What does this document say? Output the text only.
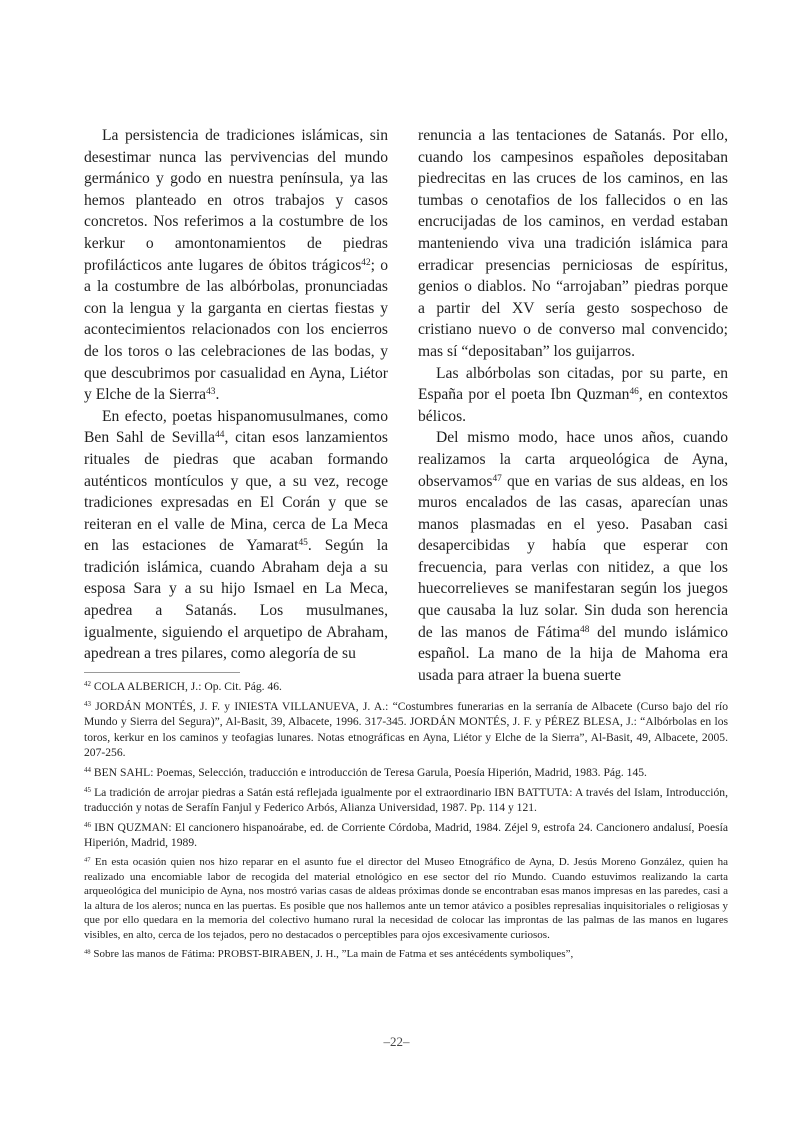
La persistencia de tradiciones islámicas, sin desestimar nunca las pervivencias del mundo germánico y godo en nuestra península, ya las hemos planteado en otros trabajos y casos concretos. Nos referimos a la costumbre de los kerkur o amontonamientos de piedras profilácticos ante lugares de óbitos trágicos$^{42}$; o a la costumbre de las albórbolas, pronunciadas con la lengua y la garganta en ciertas fiestas y acontecimientos relacionados con los encierros de los toros o las celebraciones de las bodas, y que descubrimos por casualidad en Ayna, Liétor y Elche de la Sierra$^{43}$.

En efecto, poetas hispanomusulmanes, como Ben Sahl de Sevilla$^{44}$, citan esos lanzamientos rituales de piedras que acaban formando auténticos montículos y que, a su vez, recoge tradiciones expresadas en El Corán y que se reiteran en el valle de Mina, cerca de La Meca en las estaciones de Yamarat$^{45}$. Según la tradición islámica, cuando Abraham deja a su esposa Sara y a su hijo Ismael en La Meca, apedrea a Satanás. Los musulmanes, igualmente, siguiendo el arquetipo de Abraham, apedrean a tres pilares, como alegoría de su

renuncia a las tentaciones de Satanás. Por ello, cuando los campesinos españoles depositaban piedrecitas en las cruces de los caminos, en las tumbas o cenotafios de los fallecidos o en las encrucijadas de los caminos, en verdad estaban manteniendo viva una tradición islámica para erradicar presencias perniciosas de espíritus, genios o diablos. No “arrojaban” piedras porque a partir del XV sería gesto sospechoso de cristiano nuevo o de converso mal convencido; mas sí “depositaban” los guijarros.

Las albórbolas son citadas, por su parte, en España por el poeta Ibn Quzman$^{46}$, en contextos bélicos.

Del mismo modo, hace unos años, cuando realizamos la carta arqueológica de Ayna, observamos$^{47}$ que en varias de sus aldeas, en los muros encalados de las casas, aparecían unas manos plasmadas en el yeso. Pasaban casi desapercibidas y había que esperar con frecuencia, para verlas con nitidez, a que los huecorrelieves se manifestaran según los juegos que causaba la luz solar. Sin duda son herencia de las manos de Fátima$^{48}$ del mundo islámico español. La mano de la hija de Mahoma era usada para atraer la buena suerte

$^{42}$ COLA ALBERICH, J.: Op. Cit. Pág. 46.

$^{43}$ JORDÁN MONTÉS, J. F. y INIESTA VILLANUEVA, J. A.: “Costumbres funerarias en la serranía de Albacete (Curso bajo del río Mundo y Sierra del Segura)”, Al-Basit, 39, Albacete, 1996. 317-345. JORDÁN MONTÉS, J. F. y PÉREZ BLESA, J.: “Albórbolas en los toros, kerkur en los caminos y teofagias lunares. Notas etnográficas en Ayna, Liétor y Elche de la Sierra”, Al-Basit, 49, Albacete, 2005. 207-256.

$^{44}$ BEN SAHL: Poemas, Selección, traducción e introducción de Teresa Garula, Poesía Hiperión, Madrid, 1983. Pág. 145.

$^{45}$ La tradición de arrojar piedras a Satán está reflejada igualmente por el extraordinario IBN BATTUTA: A través del Islam, Introducción, traducción y notas de Serafín Fanjul y Federico Arbós, Alianza Universidad, 1987. Pp. 114 y 121.

$^{46}$ IBN QUZMAN: El cancionero hispanoárabe, ed. de Corriente Córdoba, Madrid, 1984. Zéjel 9, estrofa 24. Cancionero andalusí, Poesía Hiperión, Madrid, 1989.

$^{47}$ En esta ocasión quien nos hizo reparar en el asunto fue el director del Museo Etnográfico de Ayna, D. Jesús Moreno González, quien ha realizado una encomiable labor de recogida del material etnológico en ese sector del río Mundo. Cuando estuvimos realizando la carta arqueológica del municipio de Ayna, nos mostró varias casas de aldeas próximas donde se encontraban esas manos impresas en las paredes, casi a la altura de los aleros; nunca en las puertas. Es posible que nos hallemos ante un temor atávico a posibles represalias inquisitoriales o religiosas y que por ello quedara en la memoria del colectivo humano rural la necesidad de colocar las improntas de las palmas de las manos en lugares visibles, en alto, cerca de los tejados, pero no destacados o perceptibles para ojos excesivamente curiosos.

$^{48}$ Sobre las manos de Fátima: PROBST-BIRABEN, J. H., ”La main de Fatma et ses antécédents symboliques”,

–22–
